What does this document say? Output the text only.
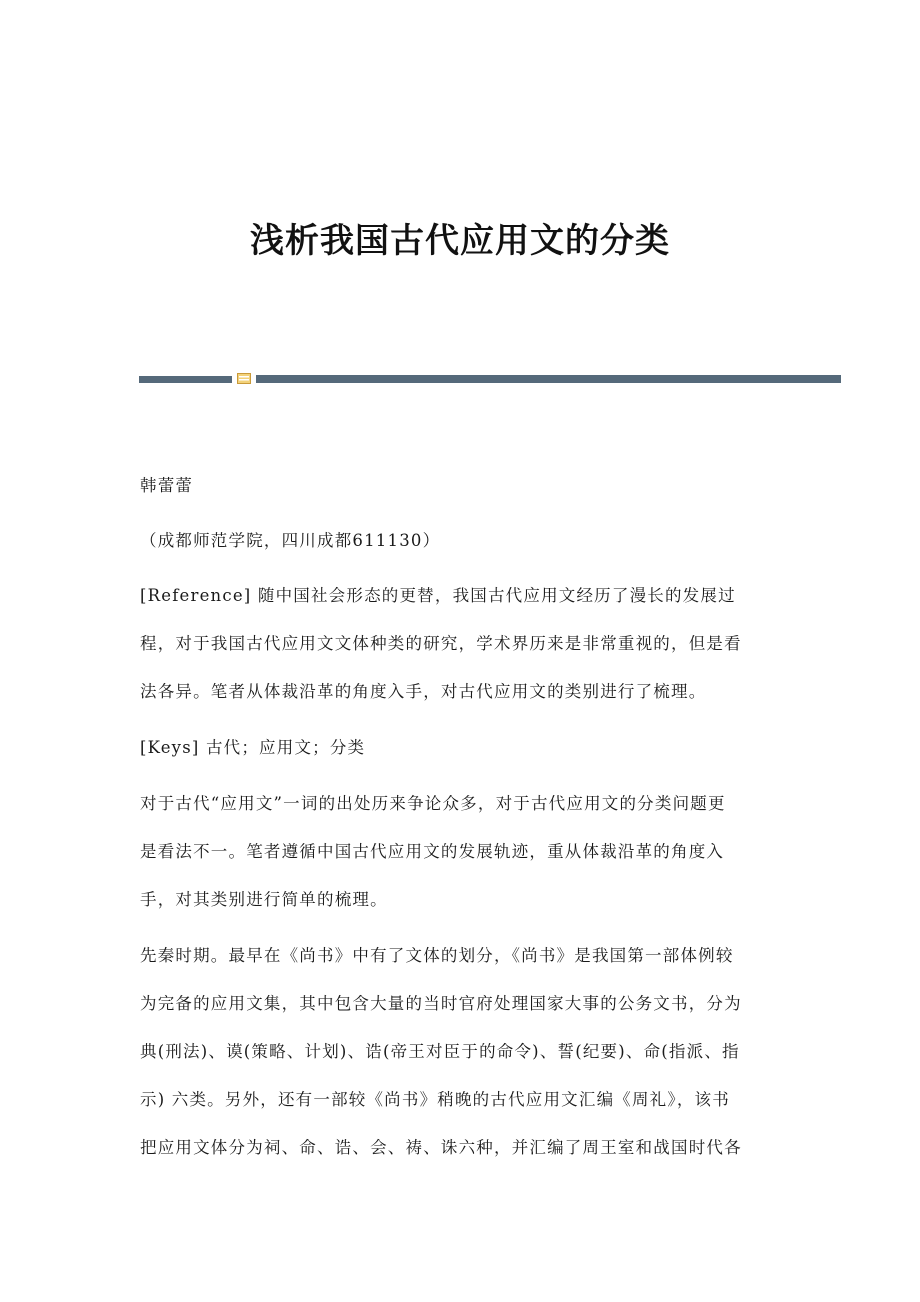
浅析我国古代应用文的分类
韩蕾蕾
（成都师范学院，四川成都611130）
[Reference] 随中国社会形态的更替，我国古代应用文经历了漫长的发展过
程，对于我国古代应用文文体种类的研究，学术界历来是非常重视的，但是看
法各异。笔者从体裁沿革的角度入手，对古代应用文的类别进行了梳理。
[Keys] 古代；应用文；分类
对于古代“应用文”一词的出处历来争论众多，对于古代应用文的分类问题更
是看法不一。笔者遵循中国古代应用文的发展轨迹，重从体裁沿革的角度入
手，对其类别进行简单的梳理。
先秦时期。最早在《尚书》中有了文体的划分，《尚书》是我国第一部体例较
为完备的应用文集，其中包含大量的当时官府处理国家大事的公务文书，分为
典(刑法)、谟(策略、计划)、诰(帝王对臣于的命令)、誓(纪要)、命(指派、指
示) 六类。另外，还有一部较《尚书》稍晚的古代应用文汇编《周礼》，该书
把应用文体分为祠、命、诰、会、祷、诛六种，并汇编了周王室和战国时代各
